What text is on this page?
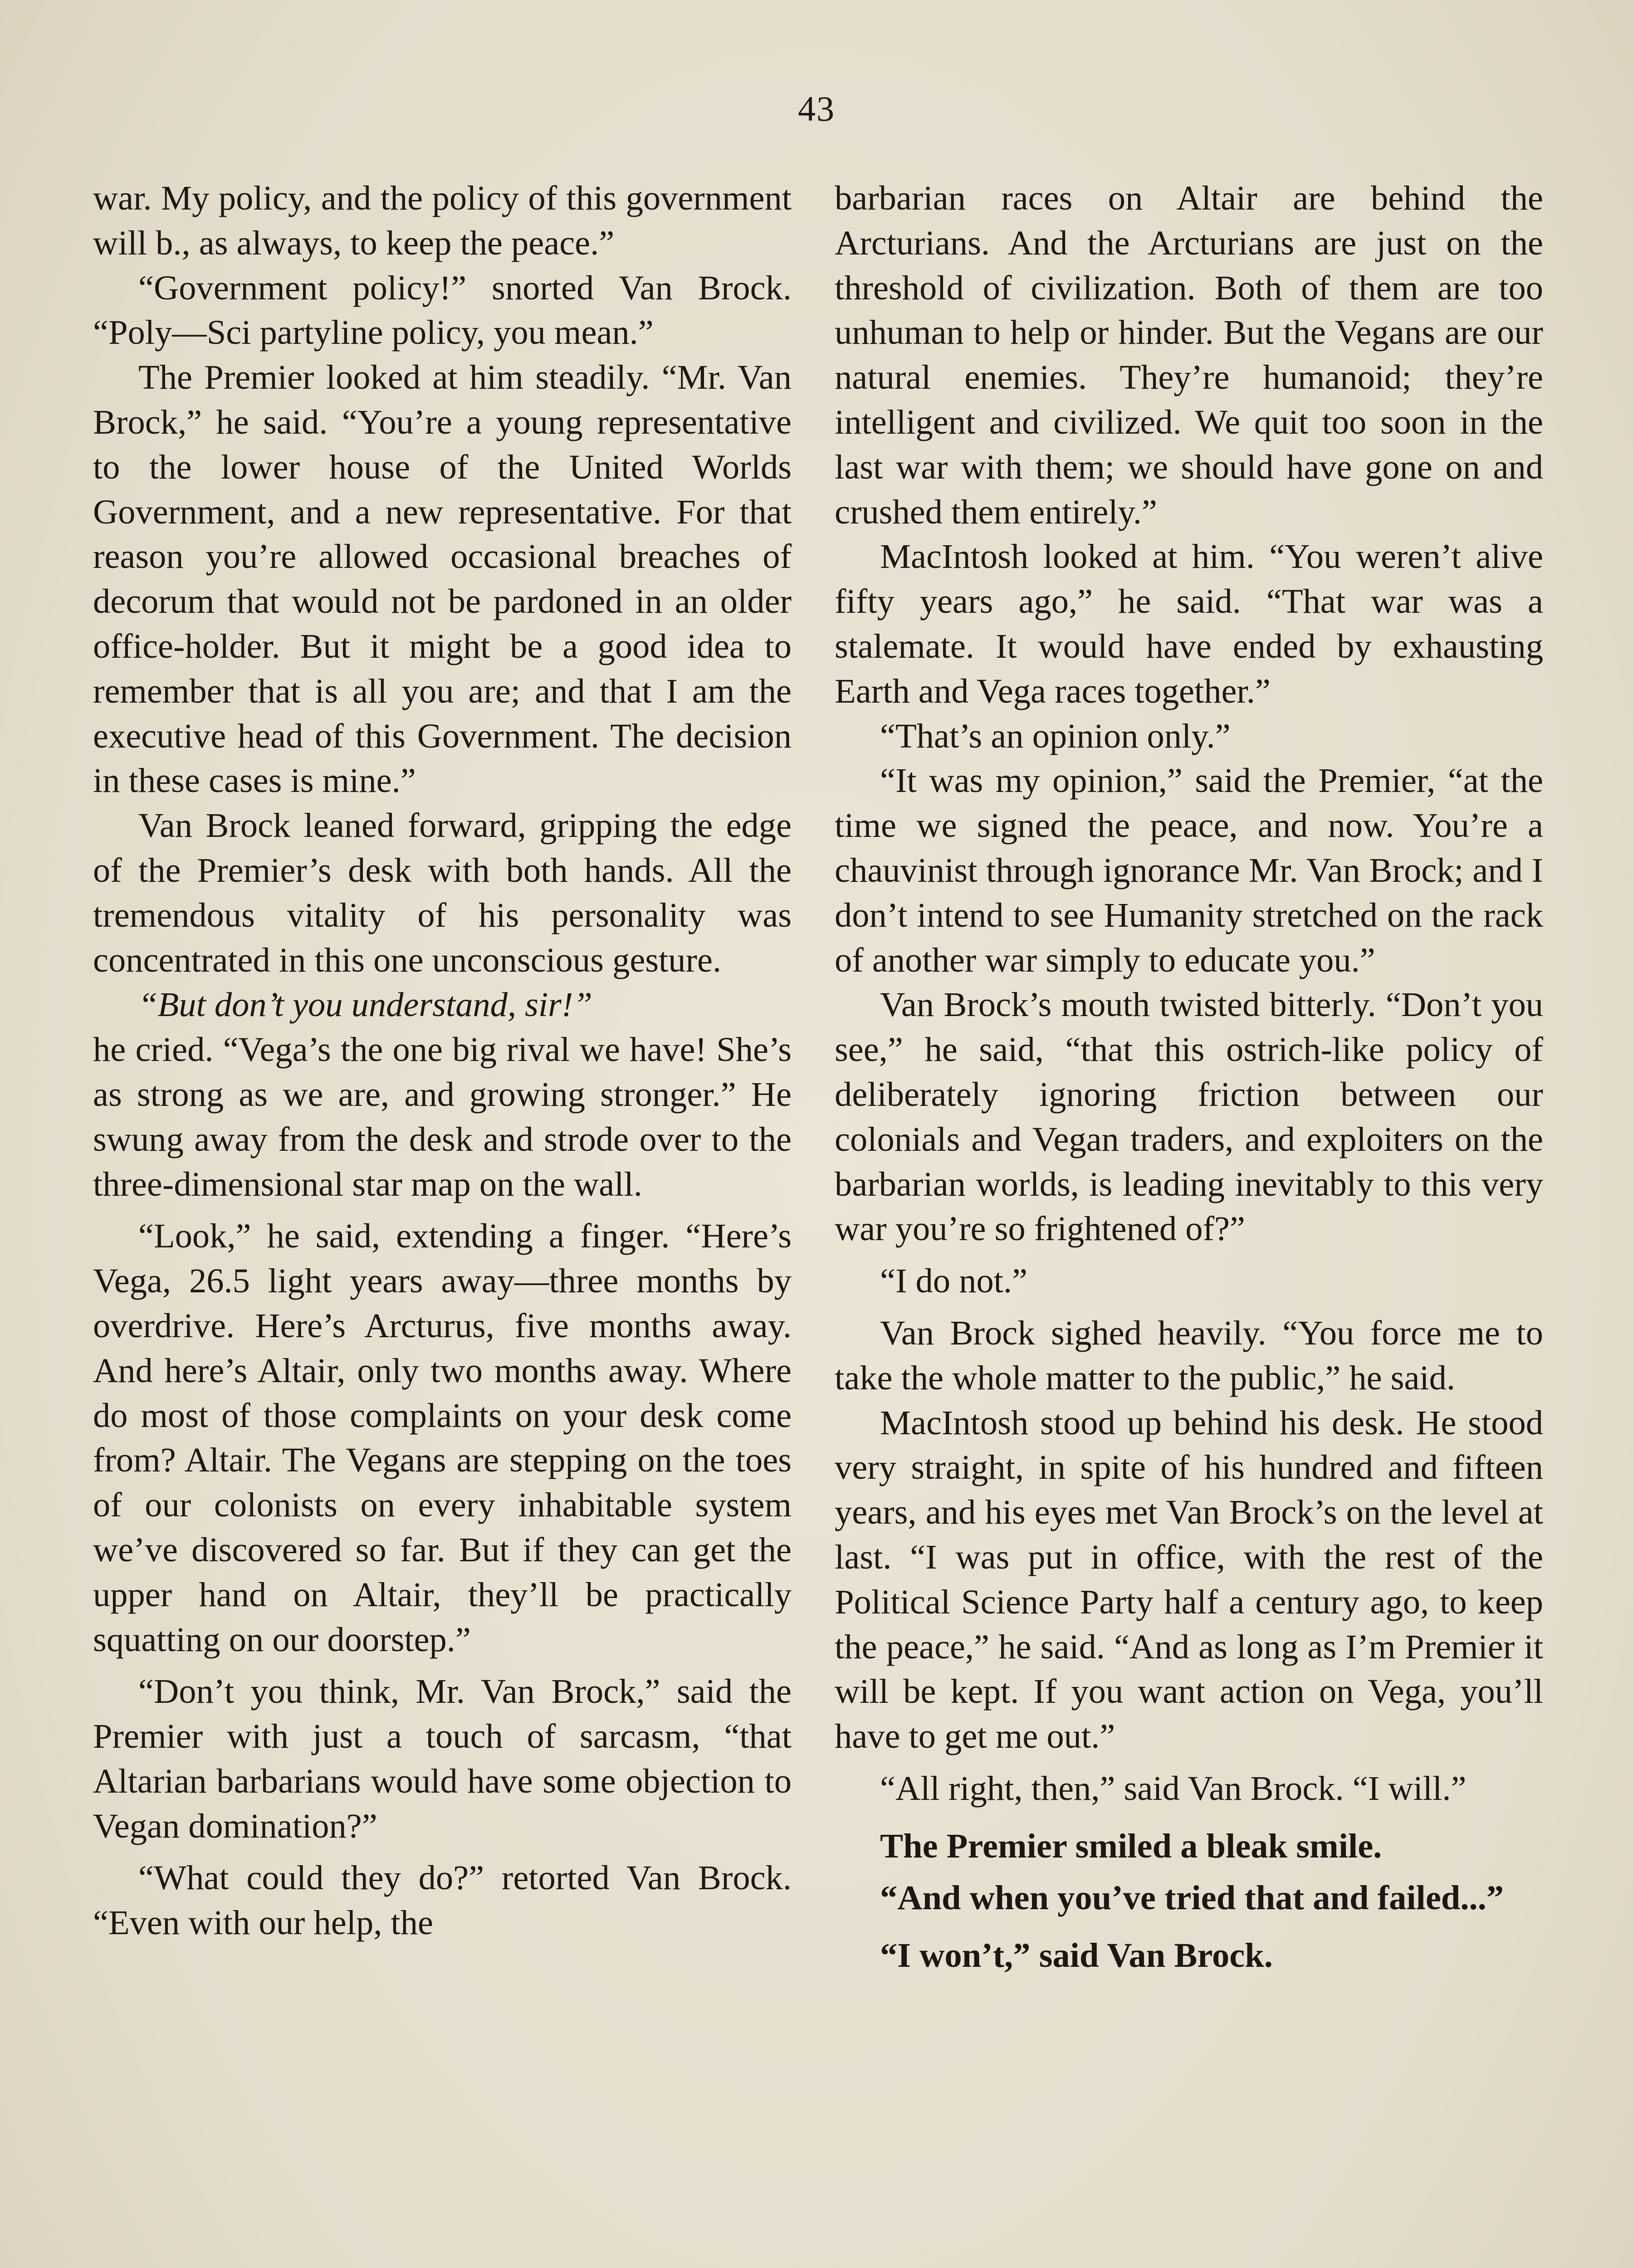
43

war. My policy, and the policy of this government will b., as always, to keep the peace.”

“Government policy!” snorted Van Brock. “Poly—Sci partyline policy, you mean.”

The Premier looked at him steadily. “Mr. Van Brock,” he said. “You’re a young representative to the lower house of the United Worlds Government, and a new representative. For that reason you’re allowed occasional breaches of decorum that would not be pardoned in an older office-holder. But it might be a good idea to remember that is all you are; and that I am the executive head of this Government. The decision in these cases is mine.”

Van Brock leaned forward, gripping the edge of the Premier’s desk with both hands. All the tremendous vitality of his personality was concentrated in this one unconscious gesture.

“But don’t you understand, sir!”

he cried. “Vega’s the one big rival we have! She’s as strong as we are, and growing stronger.” He swung away from the desk and strode over to the three-dimensional star map on the wall.

“Look,” he said, extending a finger. “Here’s Vega, 26.5 light years away—three months by overdrive. Here’s Arcturus, five months away. And here’s Altair, only two months away. Where do most of those complaints on your desk come from? Altair. The Vegans are stepping on the toes of our colonists on every inhabitable system we’ve discovered so far. But if they can get the upper hand on Altair, they’ll be practically squatting on our doorstep.”

“Don’t you think, Mr. Van Brock,” said the Premier with just a touch of sarcasm, “that Altarian barbarians would have some objection to Vegan domination?”

“What could they do?” retorted Van Brock. “Even with our help, the

barbarian races on Altair are behind the Arcturians. And the Arcturians are just on the threshold of civilization. Both of them are too unhuman to help or hinder. But the Vegans are our natural enemies. They’re humanoid; they’re intelligent and civilized. We quit too soon in the last war with them; we should have gone on and crushed them entirely.”

MacIntosh looked at him. “You weren’t alive fifty years ago,” he said. “That war was a stalemate. It would have ended by exhausting Earth and Vega races together.”

“That’s an opinion only.”

“It was my opinion,” said the Premier, “at the time we signed the peace, and now. You’re a chauvinist through ignorance Mr. Van Brock; and I don’t intend to see Humanity stretched on the rack of another war simply to educate you.”

Van Brock’s mouth twisted bitterly. “Don’t you see,” he said, “that this ostrich-like policy of deliberately ignoring friction between our colonials and Vegan traders, and exploiters on the barbarian worlds, is leading inevitably to this very war you’re so frightened of?”

“I do not.”

Van Brock sighed heavily. “You force me to take the whole matter to the public,” he said.

MacIntosh stood up behind his desk. He stood very straight, in spite of his hundred and fifteen years, and his eyes met Van Brock’s on the level at last. “I was put in office, with the rest of the Political Science Party half a century ago, to keep the peace,” he said. “And as long as I’m Premier it will be kept. If you want action on Vega, you’ll have to get me out.”

“All right, then,” said Van Brock. “I will.”

The Premier smiled a bleak smile.

“And when you’ve tried that and failed...”

“I won’t,” said Van Brock.
